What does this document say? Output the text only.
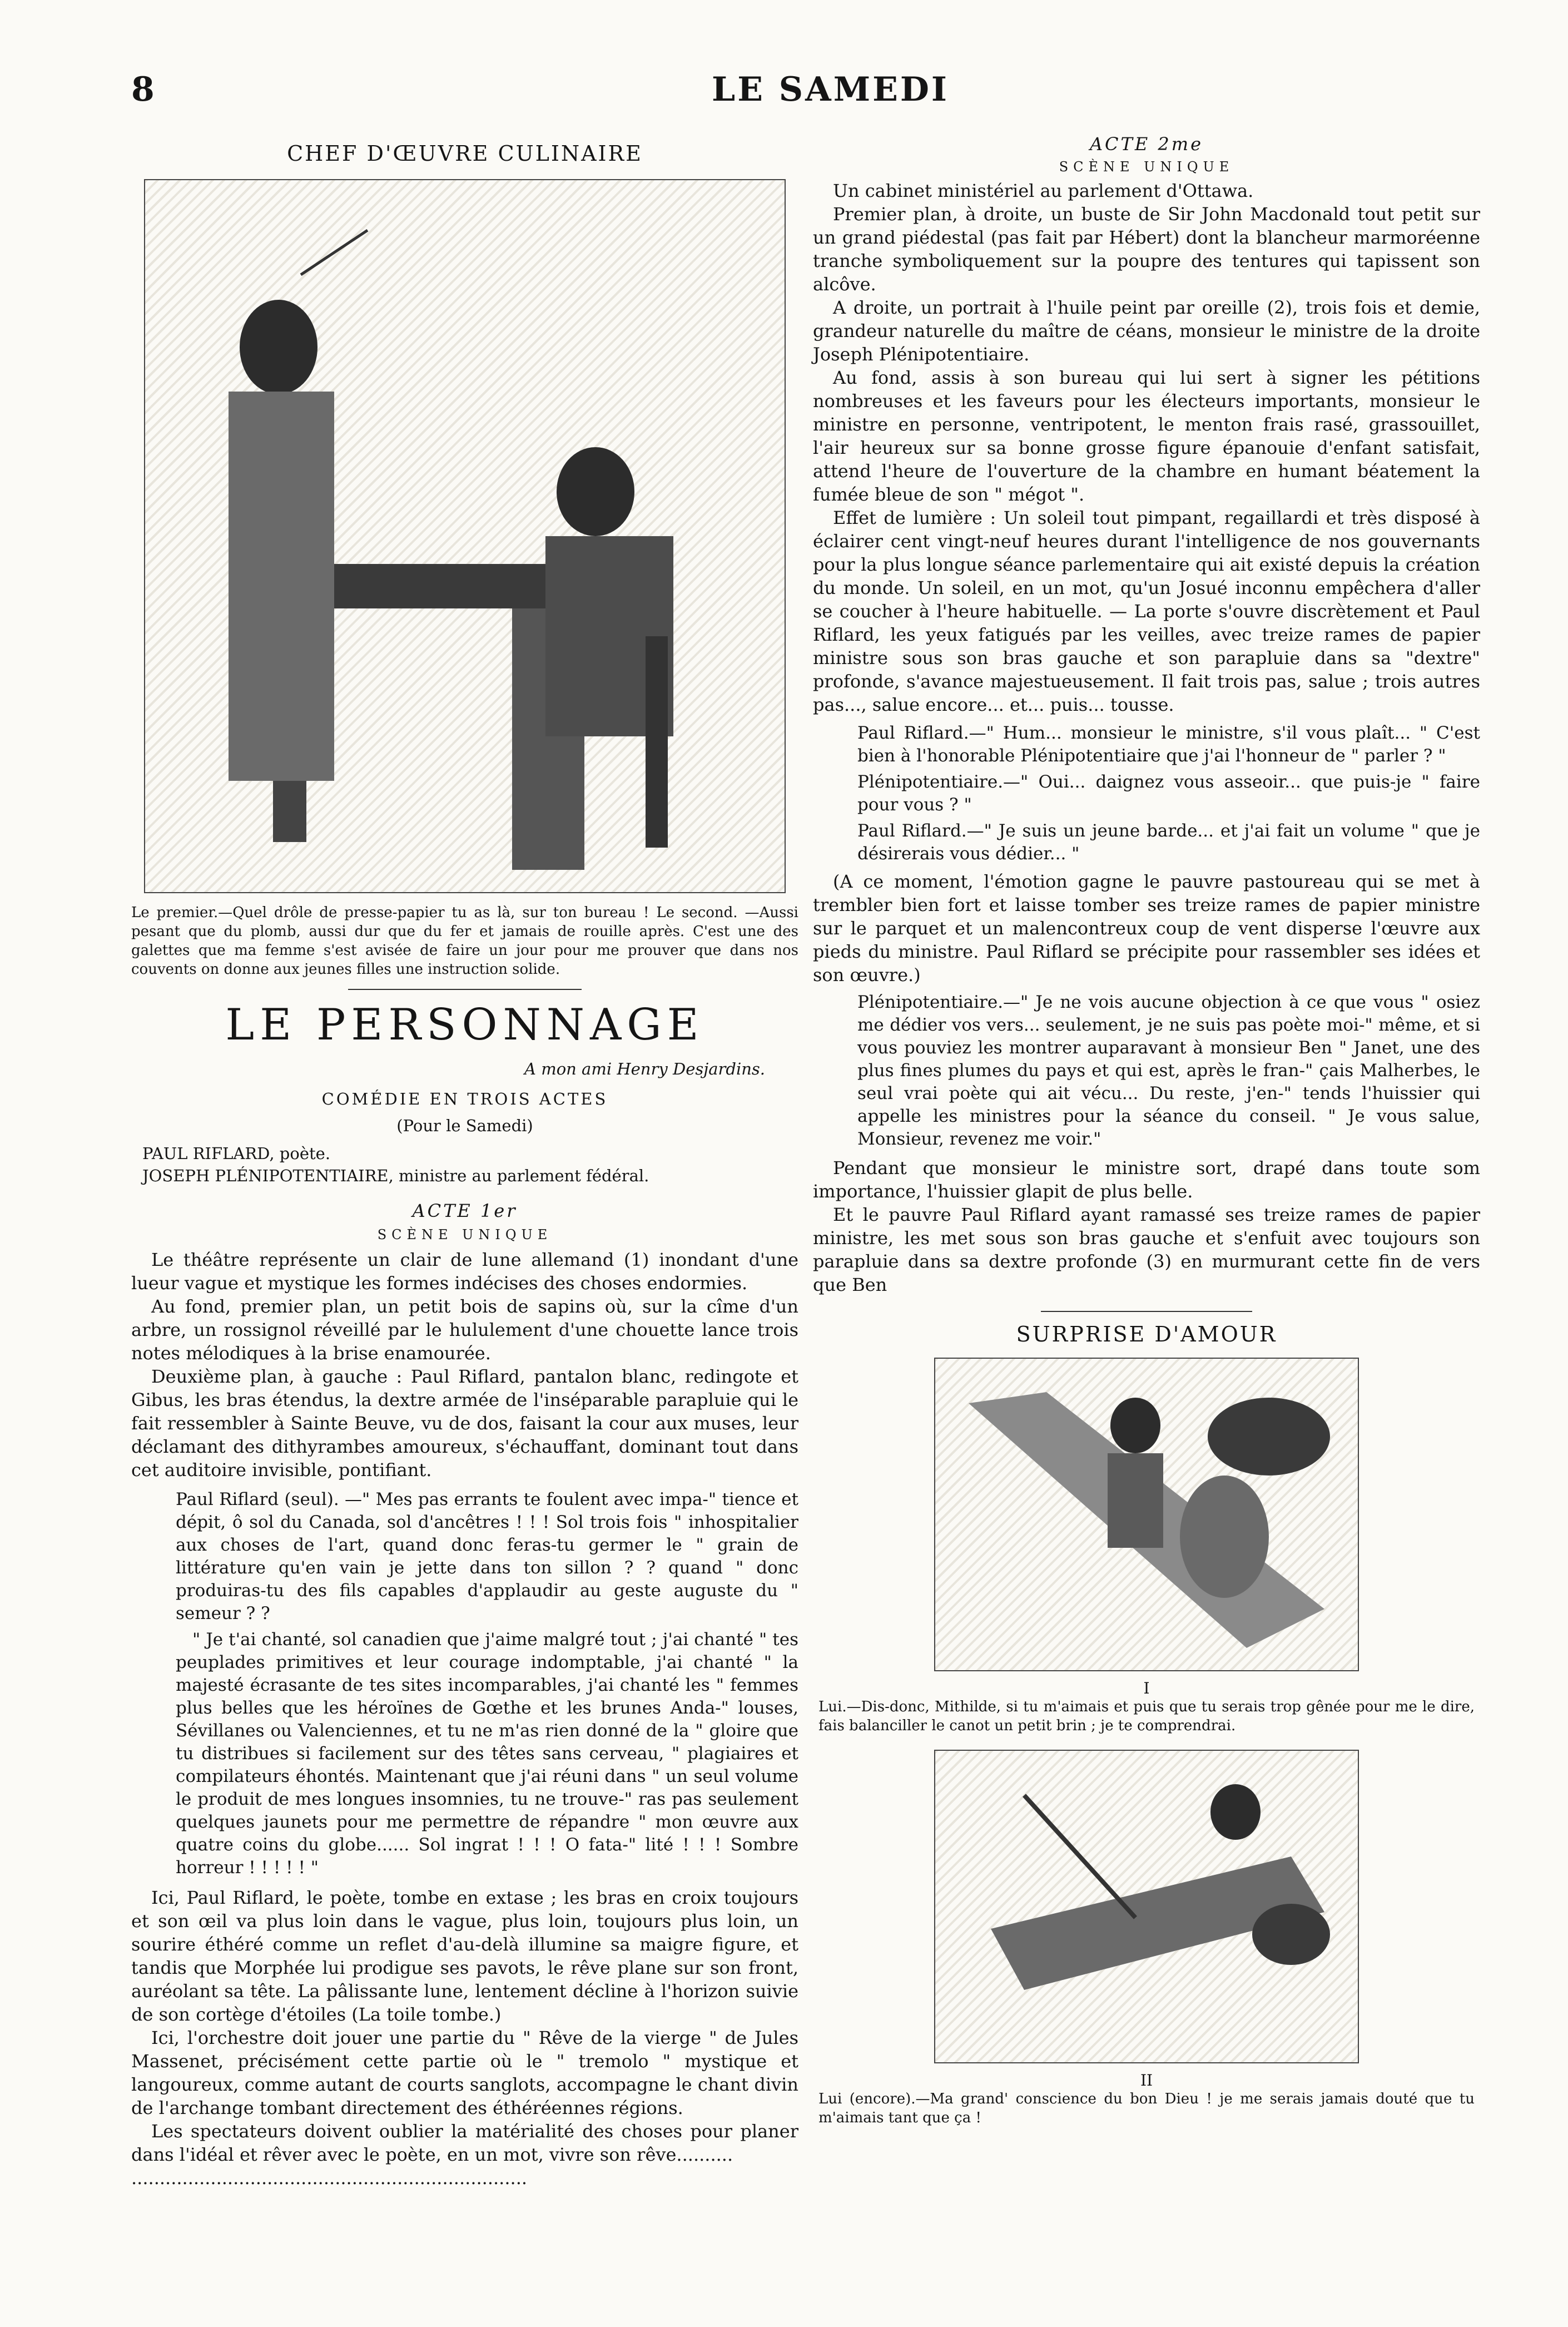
8	LE SAMEDI
CHEF D'ŒUVRE CULINAIRE
Le premier.—Quel drôle de presse-papier tu as là, sur ton bureau ! Le second. —Aussi pesant que du plomb, aussi dur que du fer et jamais de rouille après. C'est une des galettes que ma femme s'est avisée de faire un jour pour me prouver que dans nos couvents on donne aux jeunes filles une instruction solide.
LE PERSONNAGE
A mon ami Henry Desjardins.
COMÉDIE EN TROIS ACTES
(Pour le Samedi)
PAUL RIFLARD, poète.
JOSEPH PLÉNIPOTENTIAIRE, ministre au parlement fédéral.
ACTE 1er
SCÈNE UNIQUE

Le théâtre représente un clair de lune allemand (1) inondant d'une lueur vague et mystique les formes indécises des choses endormies.

Au fond, premier plan, un petit bois de sapins où, sur la cîme d'un arbre, un rossignol réveillé par le hululement d'une chouette lance trois notes mélodiques à la brise enamourée.

Deuxième plan, à gauche : Paul Riflard, pantalon blanc, redingote et Gibus, les bras étendus, la dextre armée de l'inséparable parapluie qui le fait ressembler à Sainte Beuve, vu de dos, faisant la cour aux muses, leur déclamant des dithyrambes amoureux, s'échauffant, dominant tout dans cet auditoire invisible, pontifiant.

Paul Riflard (seul). —" Mes pas errants te foulent avec impa-" tience et dépit, ô sol du Canada, sol d'ancêtres ! ! ! Sol trois fois " inhospitalier aux choses de l'art, quand donc feras-tu germer le " grain de littérature qu'en vain je jette dans ton sillon ? ? quand " donc produiras-tu des fils capables d'applaudir au geste auguste du " semeur ? ?

" Je t'ai chanté, sol canadien que j'aime malgré tout ; j'ai chanté " tes peuplades primitives et leur courage indomptable, j'ai chanté " la majesté écrasante de tes sites incomparables, j'ai chanté les " femmes plus belles que les héroïnes de Gœthe et les brunes Anda-" louses, Sévillanes ou Valenciennes, et tu ne m'as rien donné de la " gloire que tu distribues si facilement sur des têtes sans cerveau, " plagiaires et compilateurs éhontés. Maintenant que j'ai réuni dans " un seul volume le produit de mes longues insomnies, tu ne trouve-" ras pas seulement quelques jaunets pour me permettre de répandre " mon œuvre aux quatre coins du globe...... Sol ingrat ! ! ! O fata-" lité ! ! ! Sombre horreur ! ! ! ! ! "

Ici, Paul Riflard, le poète, tombe en extase ; les bras en croix toujours et son œil va plus loin dans le vague, plus loin, toujours plus loin, un sourire éthéré comme un reflet d'au-delà illumine sa maigre figure, et tandis que Morphée lui prodigue ses pavots, le rêve plane sur son front, auréolant sa tête. La pâlissante lune, lentement décline à l'horizon suivie de son cortège d'étoiles (La toile tombe.)

Ici, l'orchestre doit jouer une partie du " Rêve de la vierge " de Jules Massenet, précisément cette partie où le " tremolo " mystique et langoureux, comme autant de courts sanglots, accompagne le chant divin de l'archange tombant directement des éthéréennes régions.

Les spectateurs doivent oublier la matérialité des choses pour planer dans l'idéal et rêver avec le poète, en un mot, vivre son rêve..........

......................................................................
ACTE 2me
SCÈNE UNIQUE

Un cabinet ministériel au parlement d'Ottawa.

Premier plan, à droite, un buste de Sir John Macdonald tout petit sur un grand piédestal (pas fait par Hébert) dont la blancheur marmoréenne tranche symboliquement sur la poupre des tentures qui tapissent son alcôve.

A droite, un portrait à l'huile peint par oreille (2), trois fois et demie, grandeur naturelle du maître de céans, monsieur le ministre de la droite Joseph Plénipotentiaire.

Au fond, assis à son bureau qui lui sert à signer les pétitions nombreuses et les faveurs pour les électeurs importants, monsieur le ministre en personne, ventripotent, le menton frais rasé, grassouillet, l'air heureux sur sa bonne grosse figure épanouie d'enfant satisfait, attend l'heure de l'ouverture de la chambre en humant béatement la fumée bleue de son " mégot ".

Effet de lumière : Un soleil tout pimpant, regaillardi et très disposé à éclairer cent vingt-neuf heures durant l'intelligence de nos gouvernants pour la plus longue séance parlementaire qui ait existé depuis la création du monde. Un soleil, en un mot, qu'un Josué inconnu empêchera d'aller se coucher à l'heure habituelle. — La porte s'ouvre discrètement et Paul Riflard, les yeux fatigués par les veilles, avec treize rames de papier ministre sous son bras gauche et son parapluie dans sa "dextre" profonde, s'avance majestueusement. Il fait trois pas, salue ; trois autres pas..., salue encore... et... puis... tousse.

Paul Riflard.—" Hum... monsieur le ministre, s'il vous plaît... " C'est bien à l'honorable Plénipotentiaire que j'ai l'honneur de " parler ? "

Plénipotentiaire.—" Oui... daignez vous asseoir... que puis-je " faire pour vous ? "

Paul Riflard.—" Je suis un jeune barde... et j'ai fait un volume " que je désirerais vous dédier... "

(A ce moment, l'émotion gagne le pauvre pastoureau qui se met à trembler bien fort et laisse tomber ses treize rames de papier ministre sur le parquet et un malencontreux coup de vent disperse l'œuvre aux pieds du ministre. Paul Riflard se précipite pour rassembler ses idées et son œuvre.)

Plénipotentiaire.—" Je ne vois aucune objection à ce que vous " osiez me dédier vos vers... seulement, je ne suis pas poète moi-" même, et si vous pouviez les montrer auparavant à monsieur Ben " Janet, une des plus fines plumes du pays et qui est, après le fran-" çais Malherbes, le seul vrai poète qui ait vécu... Du reste, j'en-" tends l'huissier qui appelle les ministres pour la séance du conseil. " Je vous salue, Monsieur, revenez me voir."

Pendant que monsieur le ministre sort, drapé dans toute som importance, l'huissier glapit de plus belle.

Et le pauvre Paul Riflard ayant ramassé ses treize rames de papier ministre, les met sous son bras gauche et s'enfuit avec toujours son parapluie dans sa dextre profonde (3) en murmurant cette fin de vers que Ben

SURPRISE D'AMOUR
I
Lui.—Dis-donc, Mithilde, si tu m'aimais et puis que tu serais trop gênée pour me le dire, fais balanciller le canot un petit brin ; je te comprendrai.
II
Lui (encore).—Ma grand' conscience du bon Dieu ! je me serais jamais douté que tu m'aimais tant que ça !
